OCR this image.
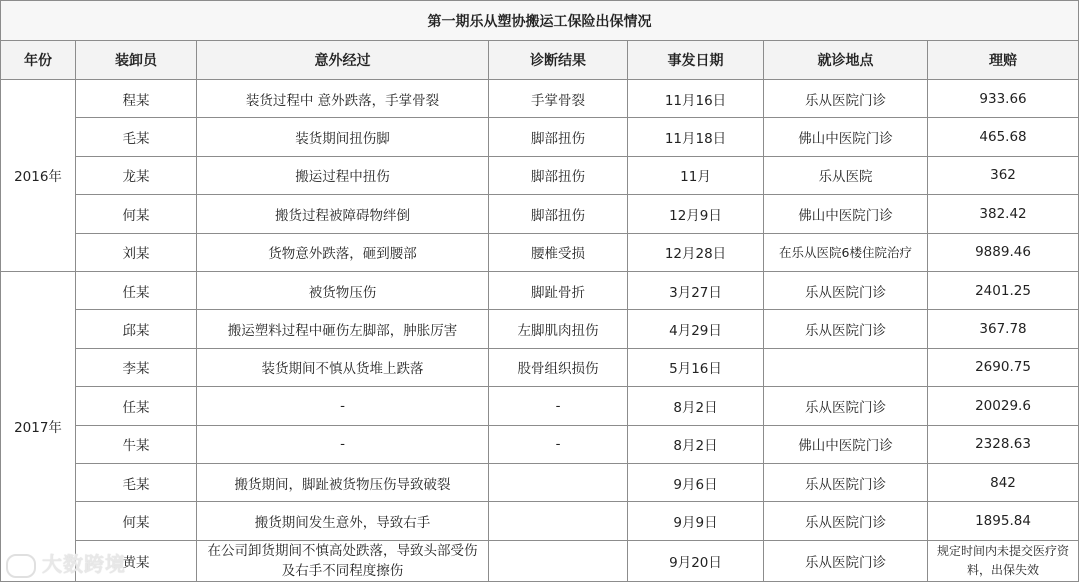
第一期乐从塑协搬运工保险出保情况						
年份	装卸员	意外经过	诊断结果	事发日期	就诊地点	理赔
2016年	程某	装货过程中 意外跌落，手掌骨裂	手掌骨裂	11月16日	乐从医院门诊	933.66
	毛某	装货期间扭伤脚	脚部扭伤	11月18日	佛山中医院门诊	465.68
	龙某	搬运过程中扭伤	脚部扭伤	11月	乐从医院	362
	何某	搬货过程被障碍物绊倒	脚部扭伤	12月9日	佛山中医院门诊	382.42
	刘某	货物意外跌落，砸到腰部	腰椎受损	12月28日	在乐从医院6楼住院治疗	9889.46
2017年	任某	被货物压伤	脚趾骨折	3月27日	乐从医院门诊	2401.25
	邱某	搬运塑料过程中砸伤左脚部，肿胀厉害	左脚肌肉扭伤	4月29日	乐从医院门诊	367.78
	李某	装货期间不慎从货堆上跌落	股骨组织损伤	5月16日		2690.75
	任某	-	-	8月2日	乐从医院门诊	20029.6
	牛某	-	-	8月2日	佛山中医院门诊	2328.63
	毛某	搬货期间，脚趾被货物压伤导致破裂		9月6日	乐从医院门诊	842
	何某	搬货期间发生意外，导致右手		9月9日	乐从医院门诊	1895.84
	黄某	在公司卸货期间不慎高处跌落，导致头部受伤及右手不同程度擦伤		9月20日	乐从医院门诊	规定时间内未提交医疗资料，出保失效
大数跨境
